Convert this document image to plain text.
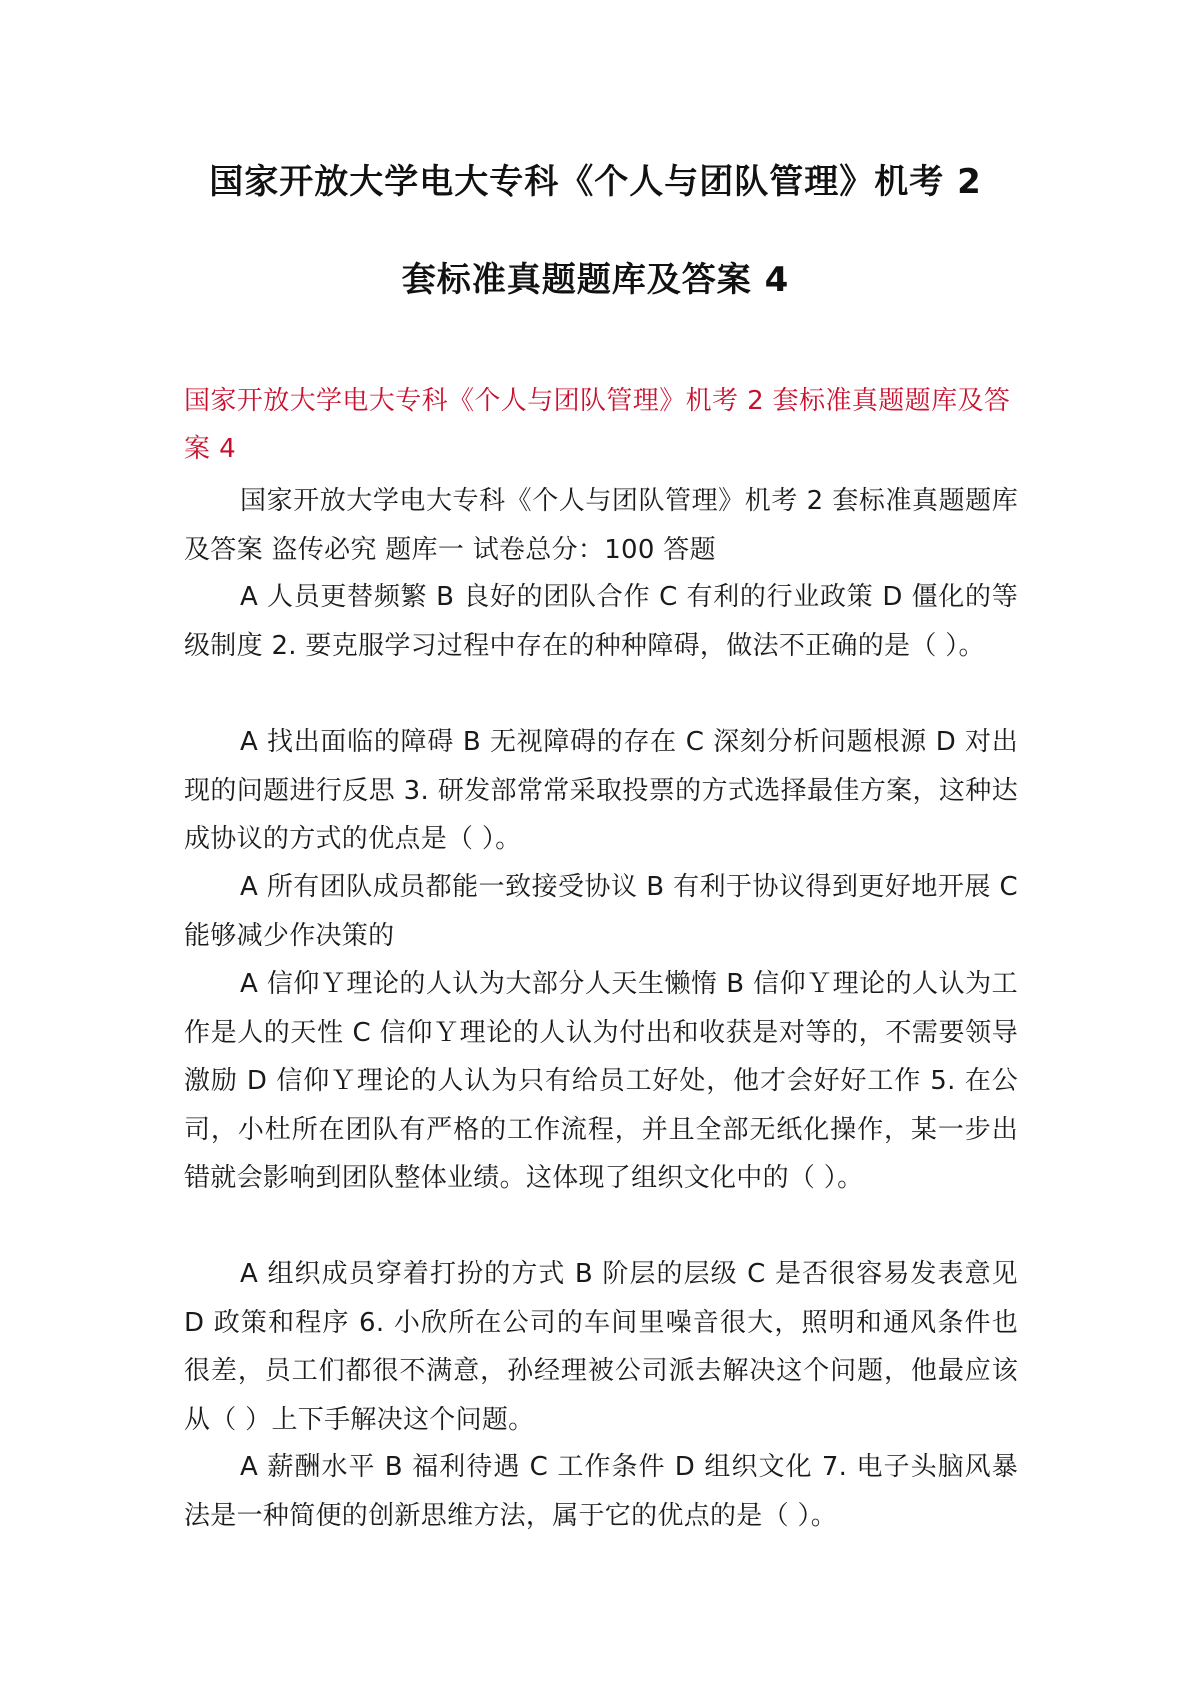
国家开放大学电大专科《个人与团队管理》机考 2
套标准真题题库及答案 4

国家开放大学电大专科《个人与团队管理》机考 2 套标准真题题库及答案 4

国家开放大学电大专科《个人与团队管理》机考 2 套标准真题题库及答案 盗传必究 题库一 试卷总分：100 答题

A 人员更替频繁 B 良好的团队合作 C 有利的行业政策 D 僵化的等级制度 2. 要克服学习过程中存在的种种障碍，做法不正确的是（ ）。

A 找出面临的障碍 B 无视障碍的存在 C 深刻分析问题根源 D 对出现的问题进行反思 3. 研发部常常采取投票的方式选择最佳方案，这种达成协议的方式的优点是（ ）。

A 所有团队成员都能一致接受协议 B 有利于协议得到更好地开展 C 能够减少作决策的

A 信仰Ｙ理论的人认为大部分人天生懒惰 B 信仰Ｙ理论的人认为工作是人的天性 C 信仰Ｙ理论的人认为付出和收获是对等的，不需要领导激励 D 信仰Ｙ理论的人认为只有给员工好处，他才会好好工作 5. 在公司，小杜所在团队有严格的工作流程，并且全部无纸化操作，某一步出错就会影响到团队整体业绩。这体现了组织文化中的（ ）。

A 组织成员穿着打扮的方式 B 阶层的层级 C 是否很容易发表意见 D 政策和程序 6. 小欣所在公司的车间里噪音很大，照明和通风条件也很差，员工们都很不满意，孙经理被公司派去解决这个问题，他最应该从（ ）上下手解决这个问题。

A 薪酬水平 B 福利待遇 C 工作条件 D 组织文化 7. 电子头脑风暴法是一种简便的创新思维方法，属于它的优点的是（ ）。
